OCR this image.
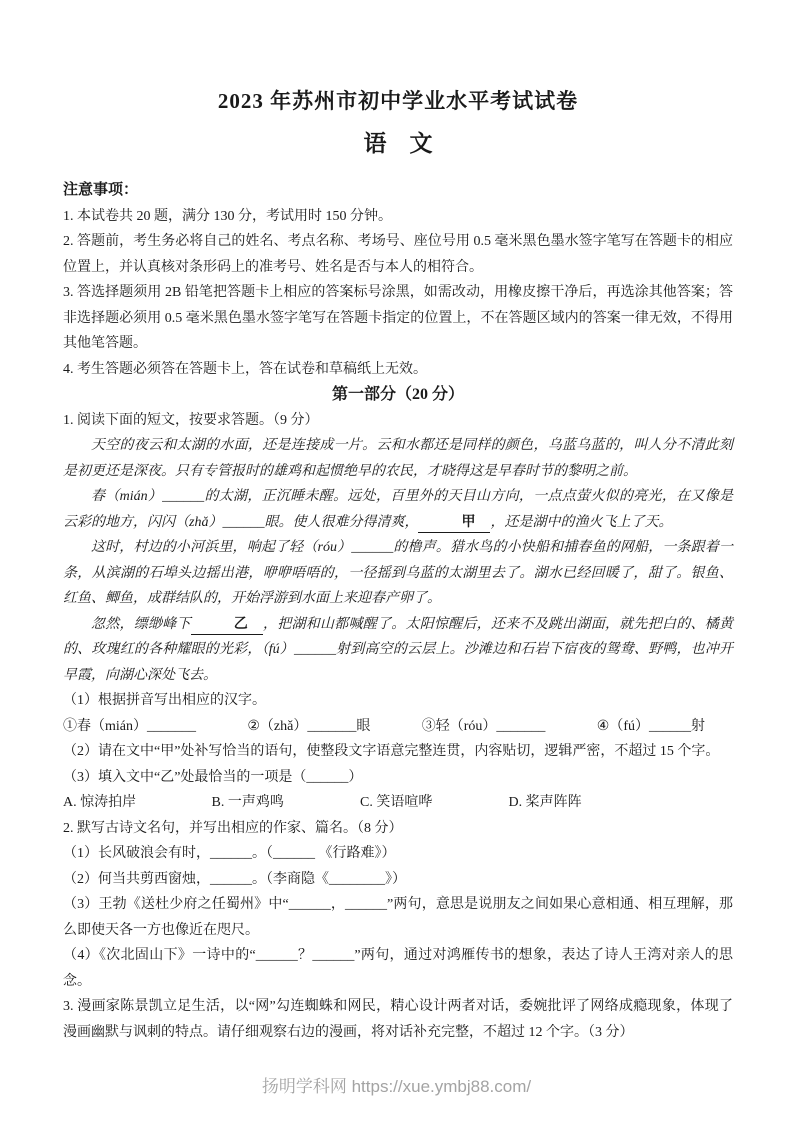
2023 年苏州市初中学业水平考试试卷
语　文
注意事项：

1. 本试卷共 20 题，满分 130 分，考试用时 150 分钟。

2. 答题前，考生务必将自己的姓名、考点名称、考场号、座位号用 0.5 毫米黑色墨水签字笔写在答题卡的相应位置上，并认真核对条形码上的准考号、姓名是否与本人的相符合。

3. 答选择题须用 2B 铅笔把答题卡上相应的答案标号涂黑，如需改动，用橡皮擦干净后，再选涂其他答案；答非选择题必须用 0.5 毫米黑色墨水签字笔写在答题卡指定的位置上，不在答题区域内的答案一律无效，不得用其他笔答题。

4. 考生答题必须答在答题卡上，答在试卷和草稿纸上无效。

第一部分（20 分）

1. 阅读下面的短文，按要求答题。（9 分）

天空的夜云和太湖的水面，还是连接成一片。云和水都还是同样的颜色，乌蓝乌蓝的，叫人分不清此刻是初更还是深夜。只有专管报时的雄鸡和起惯绝早的农民，才晓得这是早春时节的黎明之前。

春（mián）______的太湖，正沉睡未醒。远处，百里外的天目山方向，一点点萤火似的亮光，在又像是云彩的地方，闪闪（zhǎ）______眼。使人很难分得清爽，	甲 ，还是湖中的渔火飞上了天。

这时，村边的小河浜里，响起了轻（róu）______的橹声。猎水鸟的小快船和捕春鱼的网船，一条跟着一条，从滨湖的石埠头边摇出港，咿咿唔唔的，一径摇到乌蓝的太湖里去了。湖水已经回暖了，甜了。银鱼、红鱼、鲫鱼，成群结队的，开始浮游到水面上来迎春产卵了。

忽然，缥缈峰下	乙 ，把湖和山都喊醒了。太阳惊醒后，还来不及跳出湖面，就先把白的、橘黄的、玫瑰红的各种耀眼的光彩，（fú）______射到高空的云层上。沙滩边和石岩下宿夜的鸳鸯、野鸭，也冲开早霞，向湖心深处飞去。

（1）根据拼音写出相应的汉字。

①春（mián）_______	②（zhǎ）_______眼	③轻（róu）_______	④（fú）______射

（2）请在文中“甲”处补写恰当的语句，使整段文字语意完整连贯，内容贴切，逻辑严密，不超过 15 个字。

（3）填入文中“乙”处最恰当的一项是（______）

A. 惊涛拍岸	B. 一声鸡鸣	C. 笑语喧哗	D. 桨声阵阵

2. 默写古诗文名句，并写出相应的作家、篇名。（8 分）

（1）长风破浪会有时，______。（______ 《行路难》）

（2）何当共剪西窗烛，______。（李商隐《________》）

（3）王勃《送杜少府之任蜀州》中“______，______”两句，意思是说朋友之间如果心意相通、相互理解，那么即使天各一方也像近在咫尺。

（4）《次北固山下》一诗中的“______？______”两句，通过对鸿雁传书的想象，表达了诗人王湾对亲人的思念。

3. 漫画家陈景凯立足生活，以“网”勾连蜘蛛和网民，精心设计两者对话，委婉批评了网络成瘾现象，体现了漫画幽默与讽刺的特点。请仔细观察右边的漫画，将对话补充完整，不超过 12 个字。（3 分）

扬明学科网 https://xue.ymbj88.com/
